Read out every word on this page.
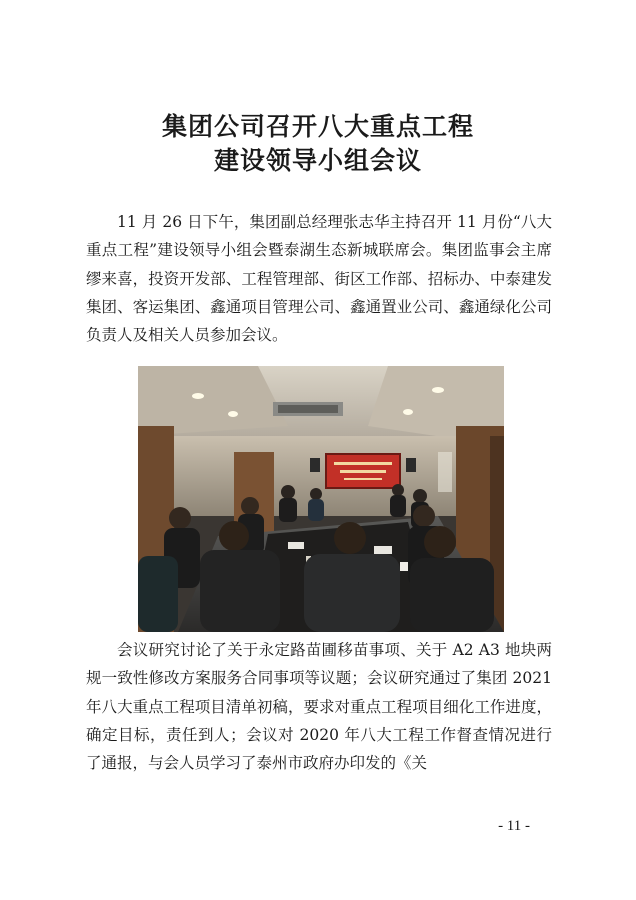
集团公司召开八大重点工程
建设领导小组会议

11 月 26 日下午，集团副总经理张志华主持召开 11 月份“八大重点工程”建设领导小组会暨泰湖生态新城联席会。集团监事会主席缪来喜，投资开发部、工程管理部、街区工作部、招标办、中泰建发集团、客运集团、鑫通项目管理公司、鑫通置业公司、鑫通绿化公司负责人及相关人员参加会议。

会议研究讨论了关于永定路苗圃移苗事项、关于 A2 A3 地块两规一致性修改方案服务合同事项等议题；会议研究通过了集团 2021 年八大重点工程项目清单初稿，要求对重点工程项目细化工作进度，确定目标，责任到人；会议对 2020 年八大工程工作督查情况进行了通报，与会人员学习了泰州市政府办印发的《关

- 11 -
